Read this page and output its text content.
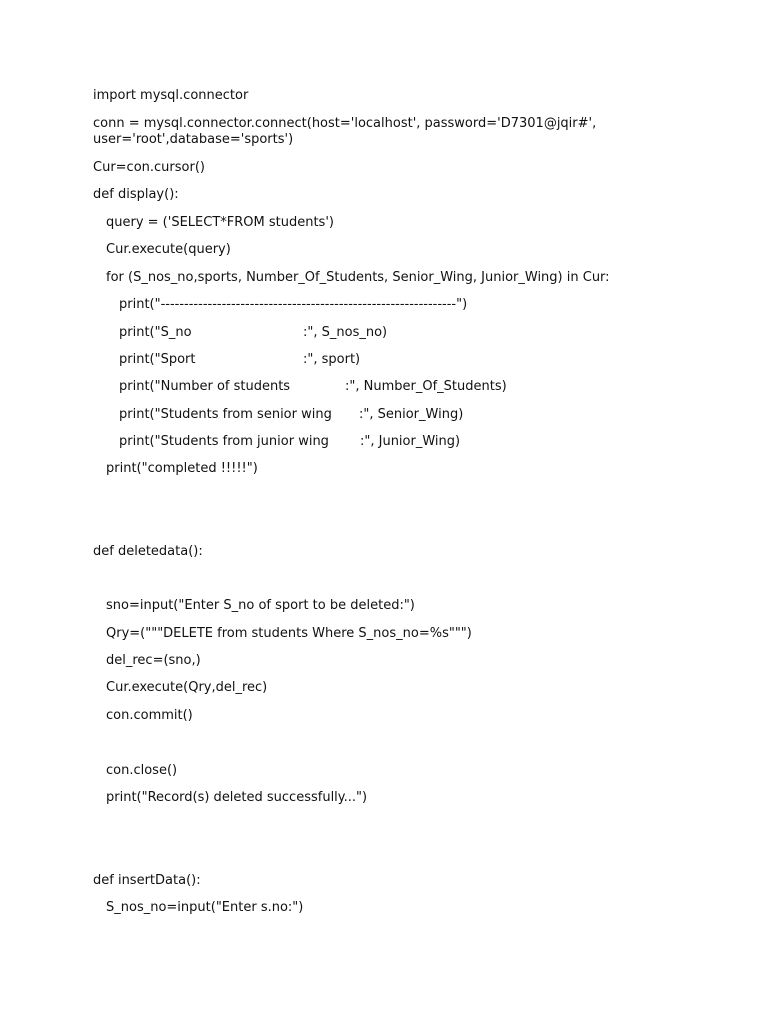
import mysql.connector

conn = mysql.connector.connect(host='localhost', password='D7301@jqir#',

user='root',database='sports')

Cur=con.cursor()

def display():

query = ('SELECT*FROM students')

Cur.execute(query)

for (S_nos_no,sports, Number_Of_Students, Senior_Wing, Junior_Wing) in Cur:

print("---------------------------------------------------------------")

print("S_no	:", S_nos_no)

print("Sport	:", sport)

print("Number of students	:", Number_Of_Students)

print("Students from senior wing :", Senior_Wing)

print("Students from junior wing :", Junior_Wing)

print("completed !!!!!")

def deletedata():

sno=input("Enter S_no of sport to be deleted:")

Qry=("""DELETE from students Where S_nos_no=%s""")

del_rec=(sno,)

Cur.execute(Qry,del_rec)

con.commit()

con.close()

print("Record(s) deleted successfully...")

def insertData():

S_nos_no=input("Enter s.no:")
